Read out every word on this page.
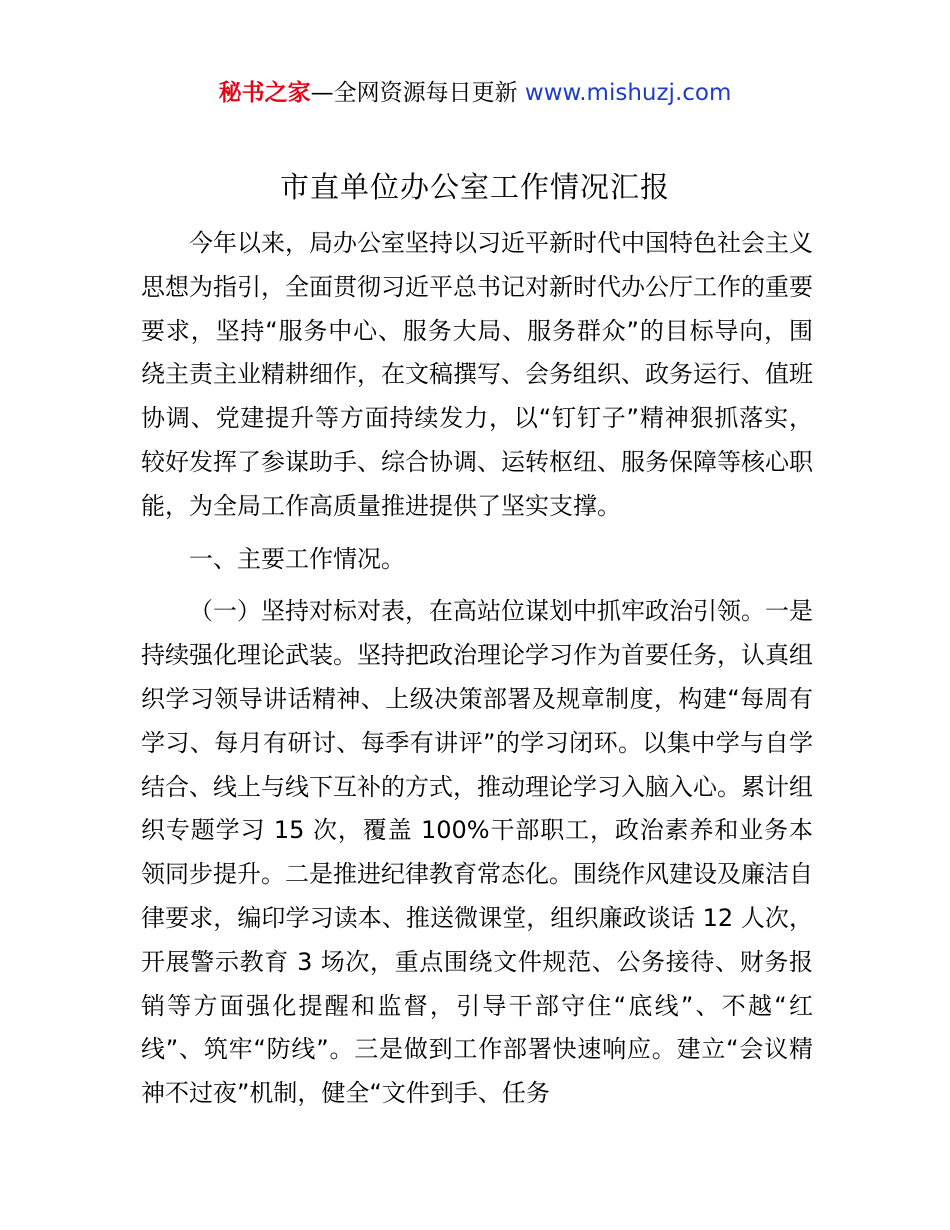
秘书之家—全网资源每日更新 www.mishuzj.com
市直单位办公室工作情况汇报

今年以来，局办公室坚持以习近平新时代中国特色社会主义思想为指引，全面贯彻习近平总书记对新时代办公厅工作的重要要求，坚持“服务中心、服务大局、服务群众”的目标导向，围绕主责主业精耕细作，在文稿撰写、会务组织、政务运行、值班协调、党建提升等方面持续发力，以“钉钉子”精神狠抓落实，较好发挥了参谋助手、综合协调、运转枢纽、服务保障等核心职能，为全局工作高质量推进提供了坚实支撑。

一、主要工作情况。

（一）坚持对标对表，在高站位谋划中抓牢政治引领。一是持续强化理论武装。坚持把政治理论学习作为首要任务，认真组织学习领导讲话精神、上级决策部署及规章制度，构建“每周有学习、每月有研讨、每季有讲评”的学习闭环。以集中学与自学结合、线上与线下互补的方式，推动理论学习入脑入心。累计组织专题学习 15 次，覆盖 100%干部职工，政治素养和业务本领同步提升。二是推进纪律教育常态化。围绕作风建设及廉洁自律要求，编印学习读本、推送微课堂，组织廉政谈话 12 人次，开展警示教育 3 场次，重点围绕文件规范、公务接待、财务报销等方面强化提醒和监督，引导干部守住“底线”、不越“红线”、筑牢“防线”。三是做到工作部署快速响应。建立“会议精神不过夜”机制，健全“文件到手、任务
